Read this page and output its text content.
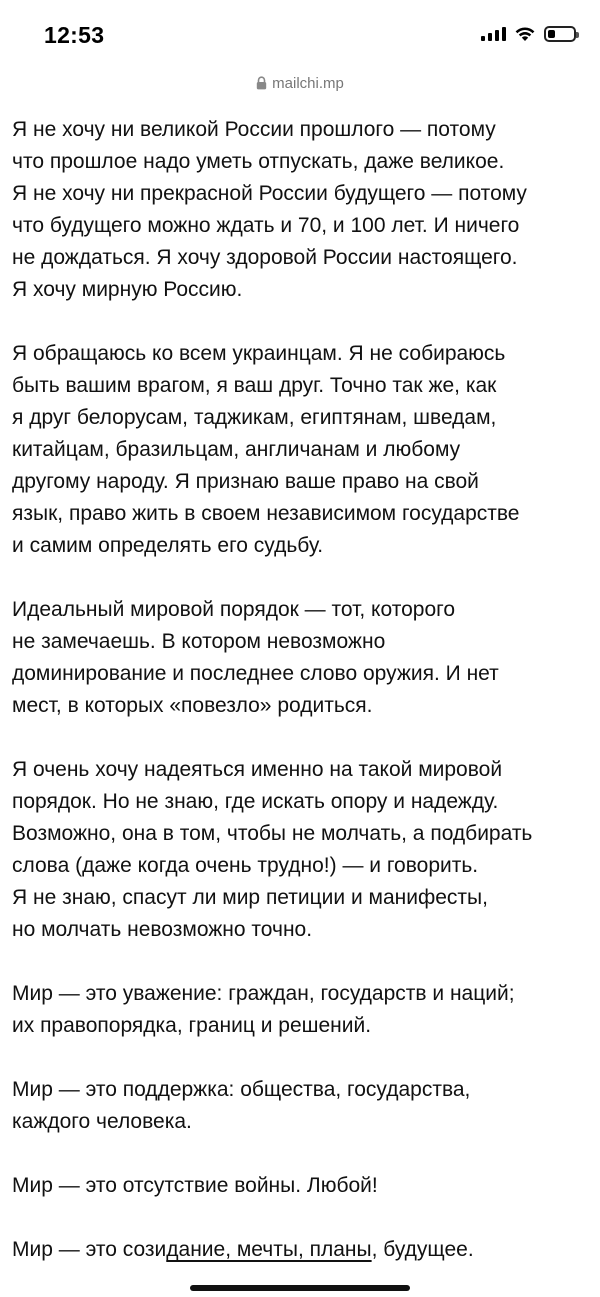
12:53
mailchi.mp
Я не хочу ни великой России прошлого — потому
что прошлое надо уметь отпускать, даже великое.
Я не хочу ни прекрасной России будущего — потому
что будущего можно ждать и 70, и 100 лет. И ничего
не дождаться. Я хочу здоровой России настоящего.
Я хочу мирную Россию.
Я обращаюсь ко всем украинцам. Я не собираюсь
быть вашим врагом, я ваш друг. Точно так же, как
я друг белорусам, таджикам, египтянам, шведам,
китайцам, бразильцам, англичанам и любому
другому народу. Я признаю ваше право на свой
язык, право жить в своем независимом государстве
и самим определять его судьбу.
Идеальный мировой порядок — тот, которого
не замечаешь. В котором невозможно
доминирование и последнее слово оружия. И нет
мест, в которых «повезло» родиться.
Я очень хочу надеяться именно на такой мировой
порядок. Но не знаю, где искать опору и надежду.
Возможно, она в том, чтобы не молчать, а подбирать
слова (даже когда очень трудно!) — и говорить.
Я не знаю, спасут ли мир петиции и манифесты,
но молчать невозможно точно.
Мир — это уважение: граждан, государств и наций;
их правопорядка, границ и решений.
Мир — это поддержка: общества, государства,
каждого человека.
Мир — это отсутствие войны. Любой!
Мир — это созидание, мечты, планы, будущее.
